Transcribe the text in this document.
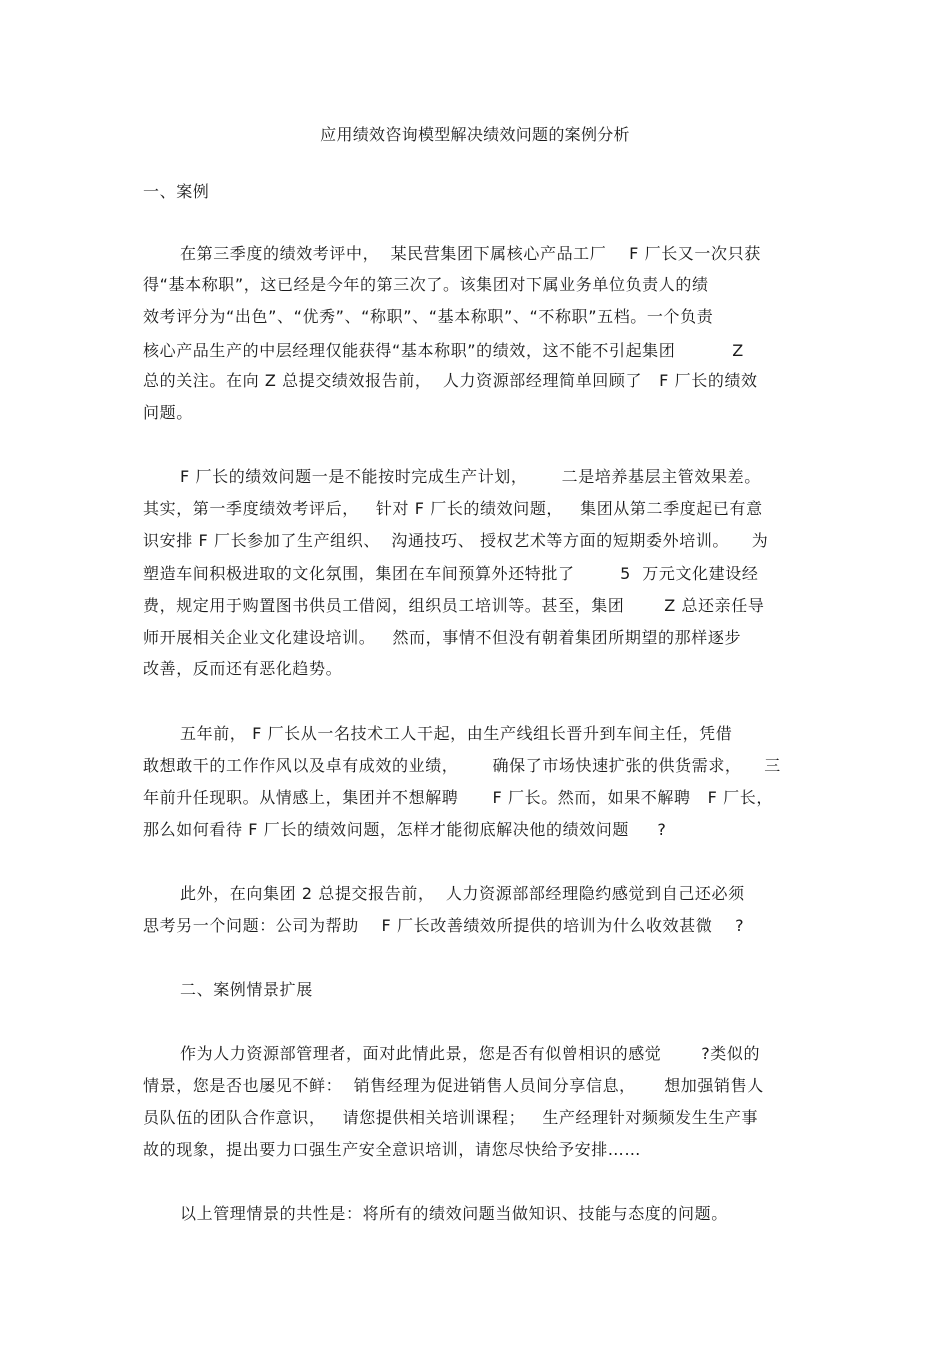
应用绩效咨询模型解决绩效问题的案例分析
一、案例
在第三季度的绩效考评中，  某民营集团下属核心产品工厂    F 厂长又一次只获
得“基本称职”，这已经是今年的第三次了。该集团对下属业务单位负责人的绩
效考评分为“出色”、“优秀”、“称职”、“基本称职”、“不称职”五档。一个负责
核心产品生产的中层经理仅能获得“基本称职”的绩效，这不能不引起集团          Z
总的关注。在向 Z 总提交绩效报告前，  人力资源部经理简单回顾了   F 厂长的绩效
问题。
F 厂长的绩效问题一是不能按时完成生产计划，      二是培养基层主管效果差。
其实，第一季度绩效考评后，   针对 F 厂长的绩效问题，   集团从第二季度起已有意
识安排 F 厂长参加了生产组织、  沟通技巧、 授权艺术等方面的短期委外培训。    为
塑造车间积极进取的文化氛围，集团在车间预算外还特批了        5  万元文化建设经
费，规定用于购置图书供员工借阅，组织员工培训等。甚至，集团       Z 总还亲任导
师开展相关企业文化建设培训。   然而，事情不但没有朝着集团所期望的那样逐步
改善，反而还有恶化趋势。
五年前， F 厂长从一名技术工人干起，由生产线组长晋升到车间主任，凭借
敢想敢干的工作作风以及卓有成效的业绩，      确保了市场快速扩张的供货需求，    三
年前升任现职。从情感上，集团并不想解聘      F 厂长。然而，如果不解聘   F 厂长，
那么如何看待 F 厂长的绩效问题，怎样才能彻底解决他的绩效问题     ?
此外，在向集团 2 总提交报告前，  人力资源部部经理隐约感觉到自己还必须
思考另一个问题：公司为帮助    F 厂长改善绩效所提供的培训为什么收效甚微    ?
二、案例情景扩展
作为人力资源部管理者，面对此情此景，您是否有似曾相识的感觉       ?类似的
情景，您是否也屡见不鲜：  销售经理为促进销售人员间分享信息，     想加强销售人
员队伍的团队合作意识，   请您提供相关培训课程；   生产经理针对频频发生生产事
故的现象，提出要力口强生产安全意识培训，请您尽快给予安排……
以上管理情景的共性是：将所有的绩效问题当做知识、技能与态度的问题。
